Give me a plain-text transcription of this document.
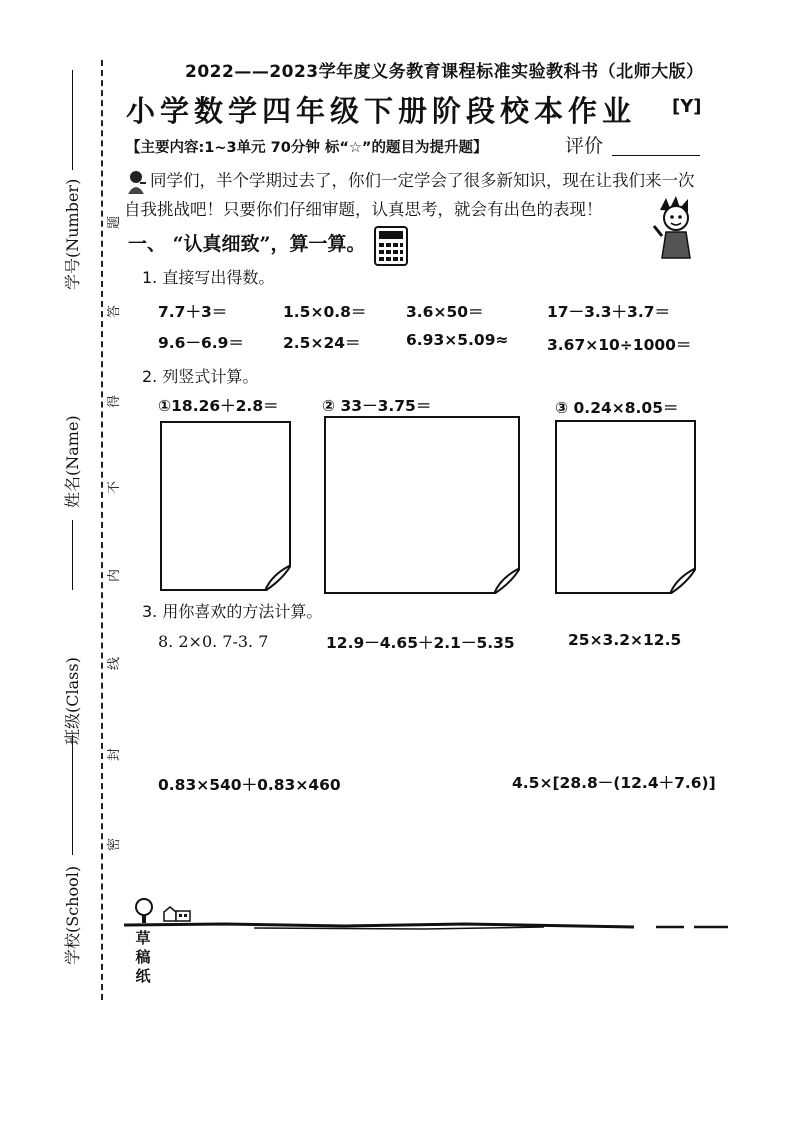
学号(Number)
姓名(Name)
班级(Class)
学校(School)
题
答
得
不
内
线
封
密
2022——2023学年度义务教育课程标准实验教科书（北师大版）
小学数学四年级下册阶段校本作业 [Y]
【主要内容:1~3单元 70分钟 标“☆”的题目为提升题】	评价
同学们，半个学期过去了，你们一定学会了很多新知识，现在让我们来一次
自我挑战吧！只要你们仔细审题，认真思考，就会有出色的表现！
一、 “认真细致”，算一算。
1. 直接写出得数。
7.7＋3＝	1.5×0.8＝	3.6×50＝	17－3.3＋3.7＝
9.6－6.9＝	2.5×24＝	6.93×5.09≈ 3.67×10÷1000＝
2. 列竖式计算。
①18.26＋2.8＝	② 33－3.75＝	③ 0.24×8.05＝
3. 用你喜欢的方法计算。
8. 2×0. 7-3. 7	12.9－4.65＋2.1－5.35	25×3.2×12.5
0.83×540＋0.83×460	4.5×[28.8－(12.4＋7.6)]
草
稿
纸
